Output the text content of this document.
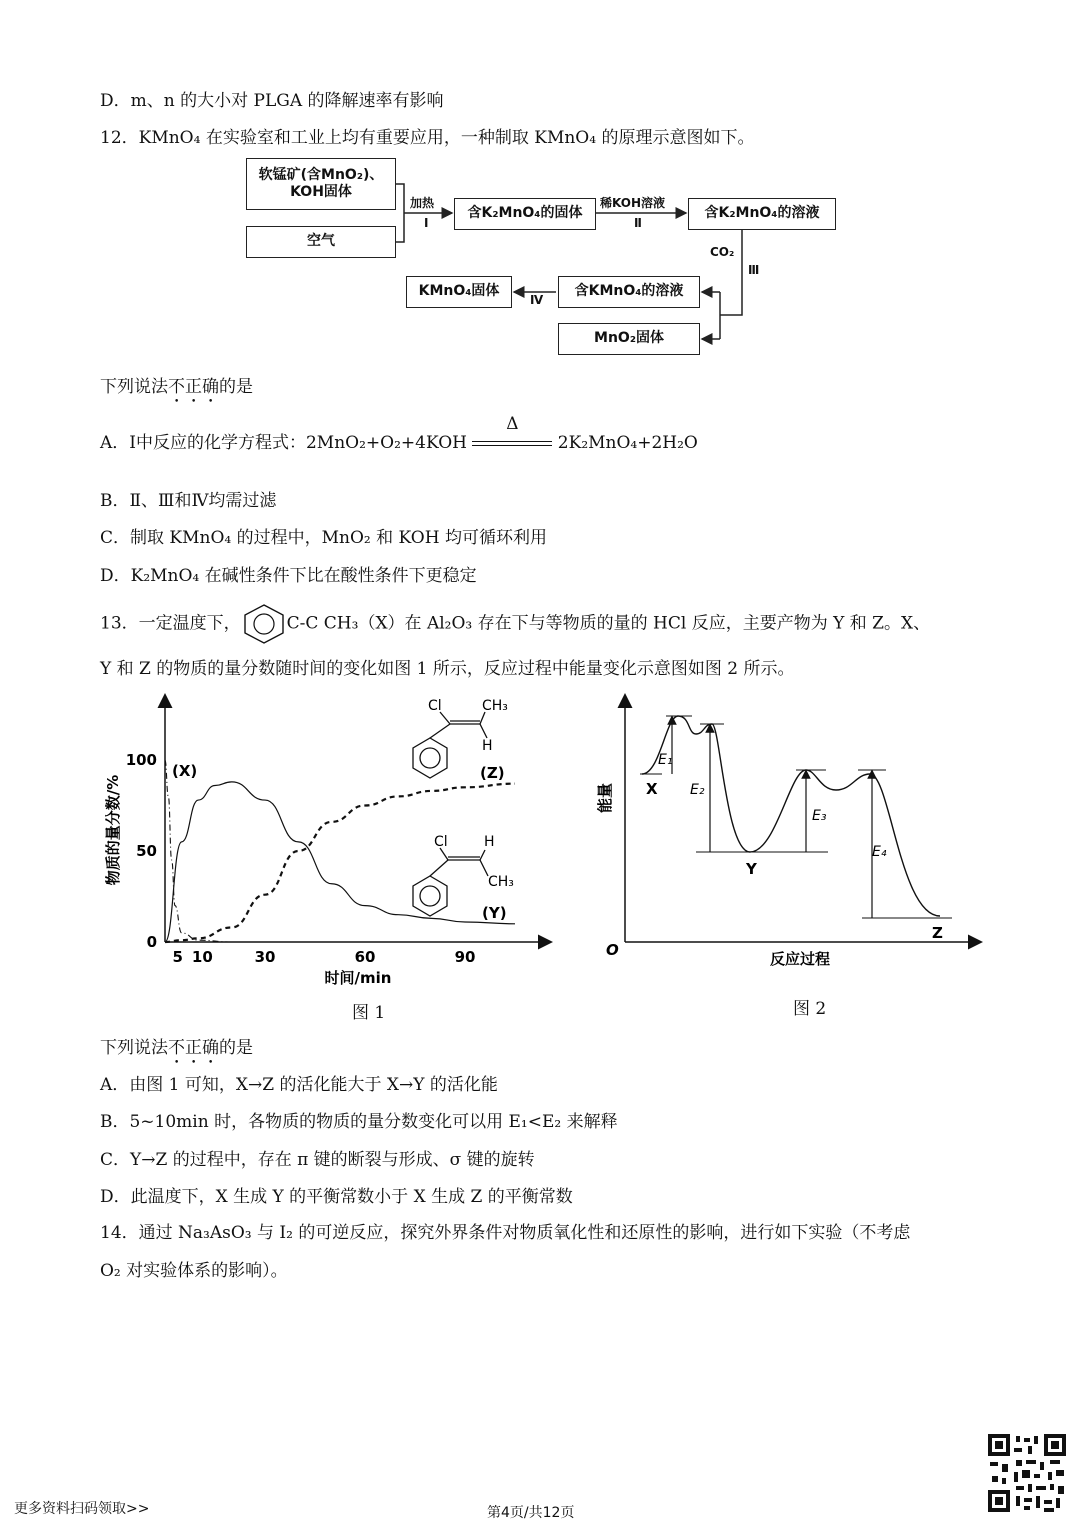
D．m、n 的大小对 PLGA 的降解速率有影响
12．KMnO₄ 在实验室和工业上均有重要应用，一种制取 KMnO₄ 的原理示意图如下。
软锰矿(含MnO₂)、KOH固体
空气
含K₂MnO₄的固体	含K₂MnO₄的溶液
含KMnO₄的溶液
MnO₂固体
KMnO₄固体
加热
Ⅰ
稀KOH溶液
Ⅱ
CO₂
Ⅲ
Ⅳ
下列说法不正确的是
A．Ⅰ中反应的化学方程式：2MnO₂+O₂+4KOH
Δ
2K₂MnO₄+2H₂O
B．Ⅱ、Ⅲ和Ⅳ均需过滤
C．制取 KMnO₄ 的过程中，MnO₂ 和 KOH 均可循环利用
D．K₂MnO₄ 在碱性条件下比在酸性条件下更稳定
13．一定温度下，	C-C CH₃（X）在 Al₂O₃ 存在下与等物质的量的 HCl 反应，主要产物为 Y 和 Z。X、
Y 和 Z 的物质的量分数随时间的变化如图 1 所示，反应过程中能量变化示意图如图 2 所示。
5 10	30	60	90
0
50
100
物质的量分数/%
时间/min
(X)	(Z)
(Y)
Cl	CH₃
H
Cl	H
CH₃
图 1
E₁
E₂
E₃
E₄
X
Y
Z
O	反应过程
能量
图 2
下列说法不正确的是
A．由图 1 可知，X→Z 的活化能大于 X→Y 的活化能
B．5~10min 时，各物质的物质的量分数变化可以用 E₁<E₂ 来解释
C．Y→Z 的过程中，存在 π 键的断裂与形成、σ 键的旋转
D．此温度下，X 生成 Y 的平衡常数小于 X 生成 Z 的平衡常数
14．通过 Na₃AsO₃ 与 I₂ 的可逆反应，探究外界条件对物质氧化性和还原性的影响，进行如下实验（不考虑
O₂ 对实验体系的影响）。
更多资料扫码领取>>	第4页/共12页
